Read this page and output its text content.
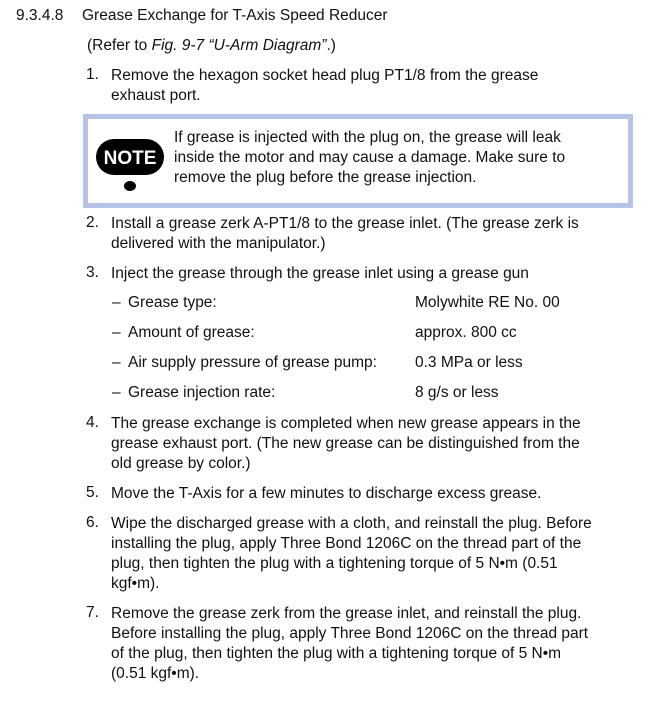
9.3.4.8 Grease Exchange for T-Axis Speed Reducer
(Refer to Fig. 9-7 “U-Arm Diagram”.)
1. Remove the hexagon socket head plug PT1/8 from the grease
exhaust port.
NOTE
If grease is injected with the plug on, the grease will leak
inside the motor and may cause a damage. Make sure to
remove the plug before the grease injection.
2. Install a grease zerk A-PT1/8 to the grease inlet. (The grease zerk is
delivered with the manipulator.)
3. Inject the grease through the grease inlet using a grease gun
– Grease type:	Molywhite RE No. 00
– Amount of grease:	approx. 800 cc
– Air supply pressure of grease pump: 0.3 MPa or less
– Grease injection rate:	8 g/s or less
4. The grease exchange is completed when new grease appears in the
grease exhaust port. (The new grease can be distinguished from the
old grease by color.)
5. Move the T-Axis for a few minutes to discharge excess grease.
6. Wipe the discharged grease with a cloth, and reinstall the plug. Before
installing the plug, apply Three Bond 1206C on the thread part of the
plug, then tighten the plug with a tightening torque of 5 N•m (0.51
kgf•m).
7. Remove the grease zerk from the grease inlet, and reinstall the plug.
Before installing the plug, apply Three Bond 1206C on the thread part
of the plug, then tighten the plug with a tightening torque of 5 N•m
(0.51 kgf•m).
